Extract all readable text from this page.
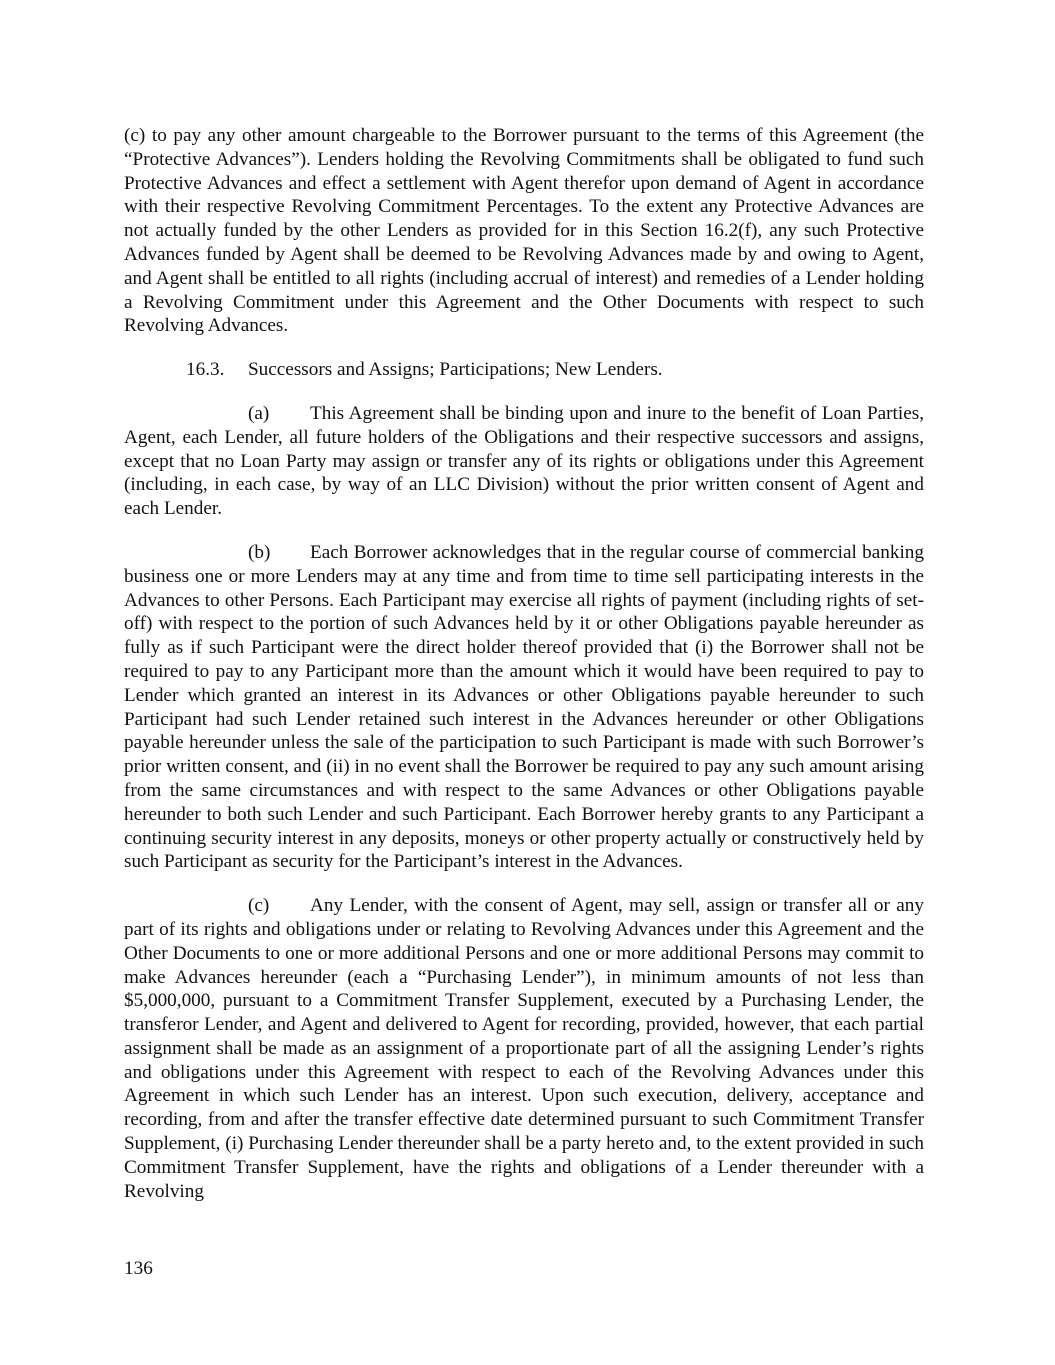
(c) to pay any other amount chargeable to the Borrower pursuant to the terms of this Agreement (the “Protective Advances”). Lenders holding the Revolving Commitments shall be obligated to fund such Protective Advances and effect a settlement with Agent therefor upon demand of Agent in accordance with their respective Revolving Commitment Percentages. To the extent any Protective Advances are not actually funded by the other Lenders as provided for in this Section 16.2(f), any such Protective Advances funded by Agent shall be deemed to be Revolving Advances made by and owing to Agent, and Agent shall be entitled to all rights (including accrual of interest) and remedies of a Lender holding a Revolving Commitment under this Agreement and the Other Documents with respect to such Revolving Advances.

16.3. Successors and Assigns; Participations; New Lenders.

(a) This Agreement shall be binding upon and inure to the benefit of Loan Parties, Agent, each Lender, all future holders of the Obligations and their respective successors and assigns, except that no Loan Party may assign or transfer any of its rights or obligations under this Agreement (including, in each case, by way of an LLC Division) without the prior written consent of Agent and each Lender.

(b) Each Borrower acknowledges that in the regular course of commercial banking business one or more Lenders may at any time and from time to time sell participating interests in the Advances to other Persons. Each Participant may exercise all rights of payment (including rights of set-off) with respect to the portion of such Advances held by it or other Obligations payable hereunder as fully as if such Participant were the direct holder thereof provided that (i) the Borrower shall not be required to pay to any Participant more than the amount which it would have been required to pay to Lender which granted an interest in its Advances or other Obligations payable hereunder to such Participant had such Lender retained such interest in the Advances hereunder or other Obligations payable hereunder unless the sale of the participation to such Participant is made with such Borrower’s prior written consent, and (ii) in no event shall the Borrower be required to pay any such amount arising from the same circumstances and with respect to the same Advances or other Obligations payable hereunder to both such Lender and such Participant. Each Borrower hereby grants to any Participant a continuing security interest in any deposits, moneys or other property actually or constructively held by such Participant as security for the Participant’s interest in the Advances.

(c) Any Lender, with the consent of Agent, may sell, assign or transfer all or any part of its rights and obligations under or relating to Revolving Advances under this Agreement and the Other Documents to one or more additional Persons and one or more additional Persons may commit to make Advances hereunder (each a “Purchasing Lender”), in minimum amounts of not less than $5,000,000, pursuant to a Commitment Transfer Supplement, executed by a Purchasing Lender, the transferor Lender, and Agent and delivered to Agent for recording, provided, however, that each partial assignment shall be made as an assignment of a proportionate part of all the assigning Lender’s rights and obligations under this Agreement with respect to each of the Revolving Advances under this Agreement in which such Lender has an interest. Upon such execution, delivery, acceptance and recording, from and after the transfer effective date determined pursuant to such Commitment Transfer Supplement, (i) Purchasing Lender thereunder shall be a party hereto and, to the extent provided in such Commitment Transfer Supplement, have the rights and obligations of a Lender thereunder with a Revolving

136
